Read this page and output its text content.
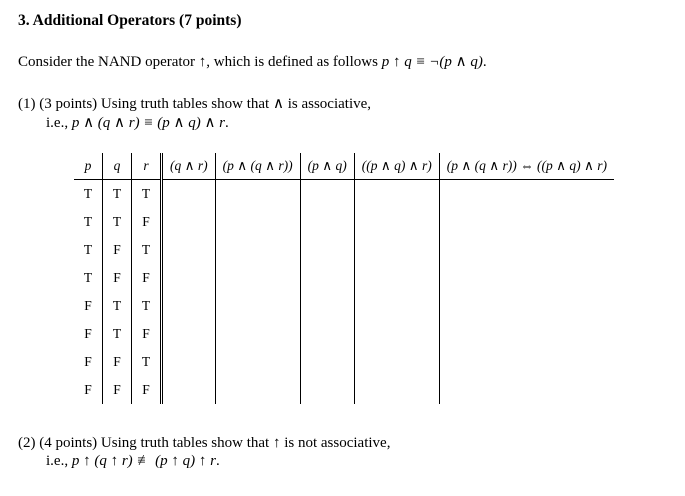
3. Additional Operators (7 points)

Consider the NAND operator ↑, which is defined as follows p ↑ q ≡ ¬(p ∧ q).

(1) (3 points) Using truth tables show that ∧ is associative,

i.e., p ∧ (q ∧ r) ≡ (p ∧ q) ∧ r.

p	q	r	(q ∧ r)	(p ∧ (q ∧ r))	(p ∧ q)	((p ∧ q) ∧ r)	(p ∧ (q ∧ r)) ⇔ ((p ∧ q) ∧ r)
T	T	T					
T	T	F					
T	F	T					
T	F	F					
F	T	T					
F	T	F					
F	F	T					
F	F	F					

(2) (4 points) Using truth tables show that ↑ is not associative,

i.e., p ↑ (q ↑ r) ≢ (p ↑ q) ↑ r.
